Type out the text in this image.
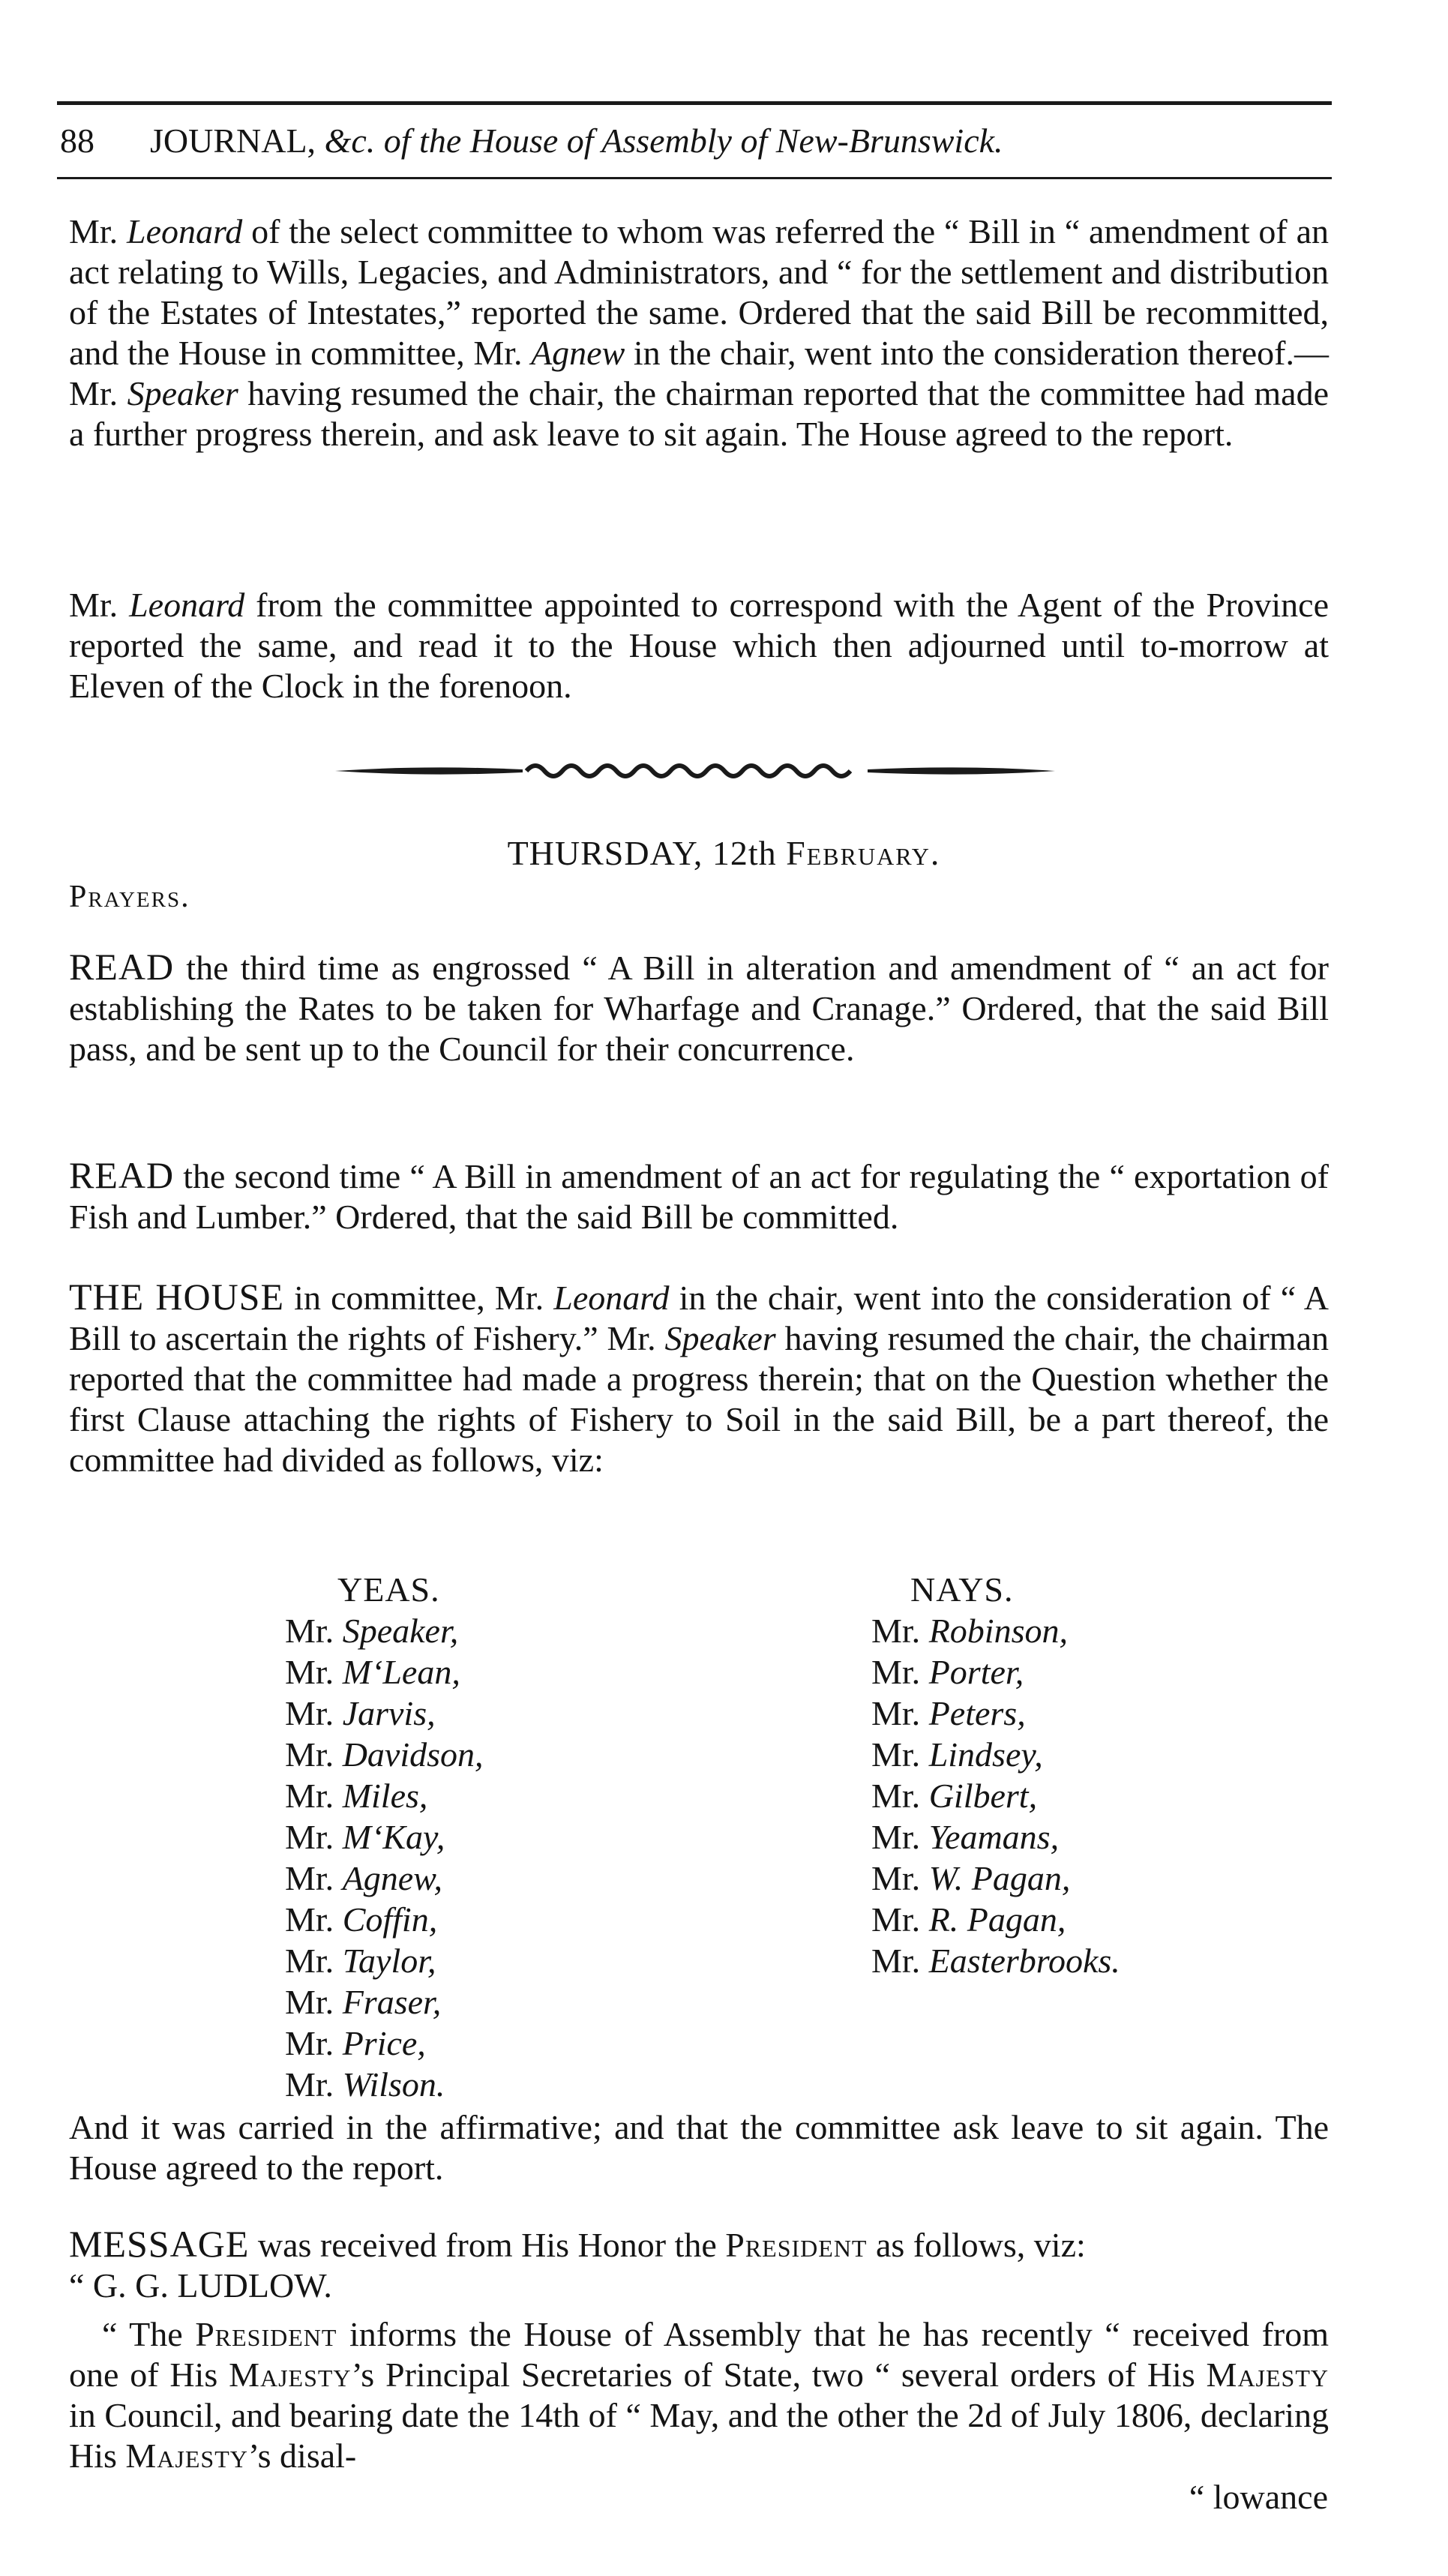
88 JOURNAL, &c. of the House of Assembly of New-Brunswick.

Mr. Leonard of the select committee to whom was referred the “ Bill in “ amendment of an act relating to Wills, Legacies, and Administrators, and “ for the settlement and distribution of the Estates of Intestates,” reported the same. Ordered that the said Bill be recommitted, and the House in committee, Mr. Agnew in the chair, went into the consideration thereof.—Mr. Speaker having resumed the chair, the chairman reported that the committee had made a further progress therein, and ask leave to sit again. The House agreed to the report.

Mr. Leonard from the committee appointed to correspond with the Agent of the Province reported the same, and read it to the House which then adjourned until to-morrow at Eleven of the Clock in the forenoon.

THURSDAY, 12th February.
Prayers.

READ the third time as engrossed “ A Bill in alteration and amendment of “ an act for establishing the Rates to be taken for Wharfage and Cranage.” Ordered, that the said Bill pass, and be sent up to the Council for their concurrence.

READ the second time “ A Bill in amendment of an act for regulating the “ exportation of Fish and Lumber.” Ordered, that the said Bill be committed.

THE HOUSE in committee, Mr. Leonard in the chair, went into the consideration of “ A Bill to ascertain the rights of Fishery.” Mr. Speaker having resumed the chair, the chairman reported that the committee had made a progress therein; that on the Question whether the first Clause attaching the rights of Fishery to Soil in the said Bill, be a part thereof, the committee had divided as follows, viz:

YEAS.
Mr. Speaker,
Mr. M‘Lean,
Mr. Jarvis,
Mr. Davidson,
Mr. Miles,
Mr. M‘Kay,
Mr. Agnew,
Mr. Coffin,
Mr. Taylor,
Mr. Fraser,
Mr. Price,
Mr. Wilson.
NAYS.
Mr. Robinson,
Mr. Porter,
Mr. Peters,
Mr. Lindsey,
Mr. Gilbert,
Mr. Yeamans,
Mr. W. Pagan,
Mr. R. Pagan,
Mr. Easterbrooks.

And it was carried in the affirmative; and that the committee ask leave to sit again. The House agreed to the report.

MESSAGE was received from His Honor the President as follows, viz:

“ G. G. LUDLOW.

“ The President informs the House of Assembly that he has recently “ received from one of His Majesty’s Principal Secretaries of State, two “ several orders of His Majesty in Council, and bearing date the 14th of “ May, and the other the 2d of July 1806, declaring His Majesty’s disal-

“ lowance
